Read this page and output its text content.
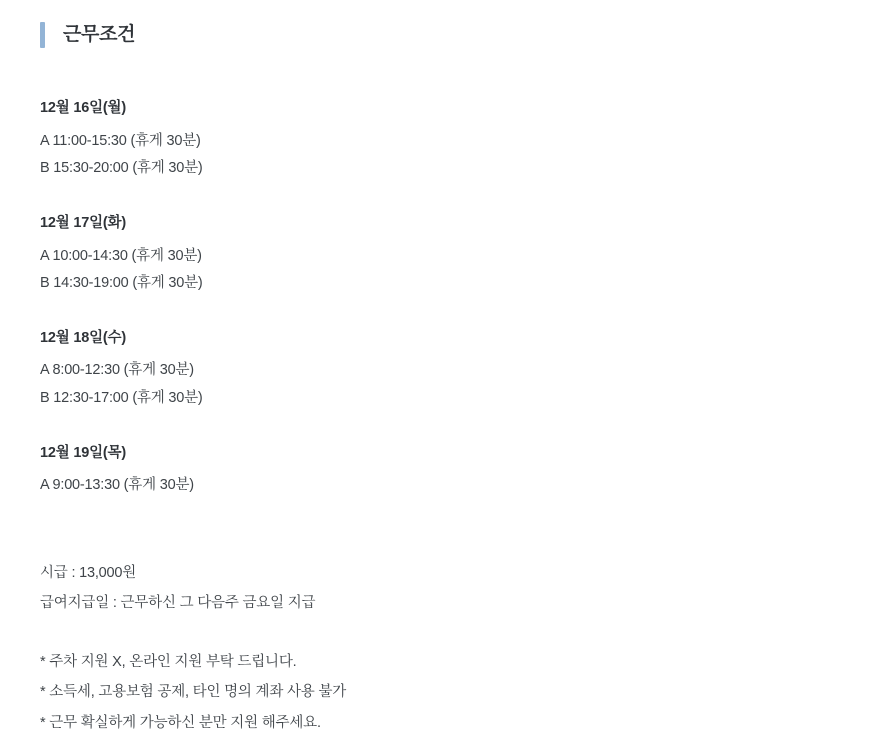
근무조건
12월 16일(월)
A 11:00-15:30 (휴게 30분)
B 15:30-20:00 (휴게 30분)
12월 17일(화)
A 10:00-14:30 (휴게 30분)
B 14:30-19:00 (휴게 30분)
12월 18일(수)
A 8:00-12:30 (휴게 30분)
B 12:30-17:00 (휴게 30분)
12월 19일(목)
A 9:00-13:30 (휴게 30분)
시급 : 13,000원
급여지급일 : 근무하신 그 다음주 금요일 지급
* 주차 지원 X, 온라인 지원 부탁 드립니다.
* 소득세, 고용보험 공제, 타인 명의 계좌 사용 불가
* 근무 확실하게 가능하신 분만 지원 해주세요.
